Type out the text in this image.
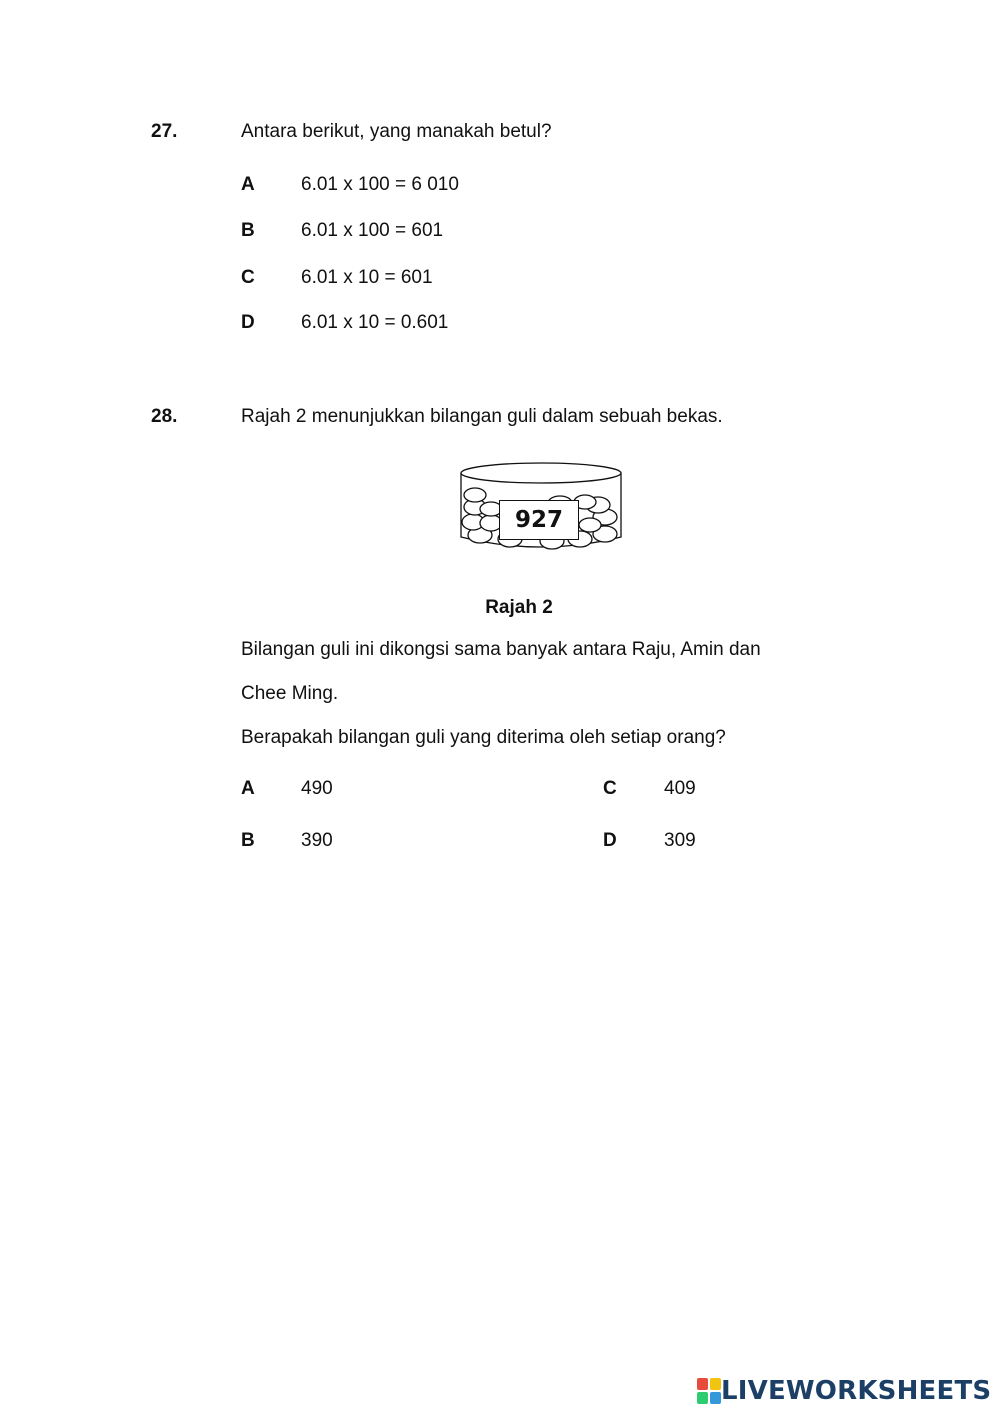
27.	Antara berikut, yang manakah betul?
A 6.01 x 100 = 6 010
B 6.01 x 100 = 601
C 6.01 x 10 = 601
D 6.01 x 10 = 0.601
28.	Rajah 2 menunjukkan bilangan guli dalam sebuah bekas.
927
Rajah 2
Bilangan guli ini dikongsi sama banyak antara Raju, Amin dan
Chee Ming.
Berapakah bilangan guli yang diterima oleh setiap orang?
A 490	C 409
B 390	D 309
LIVEWORKSHEETS
